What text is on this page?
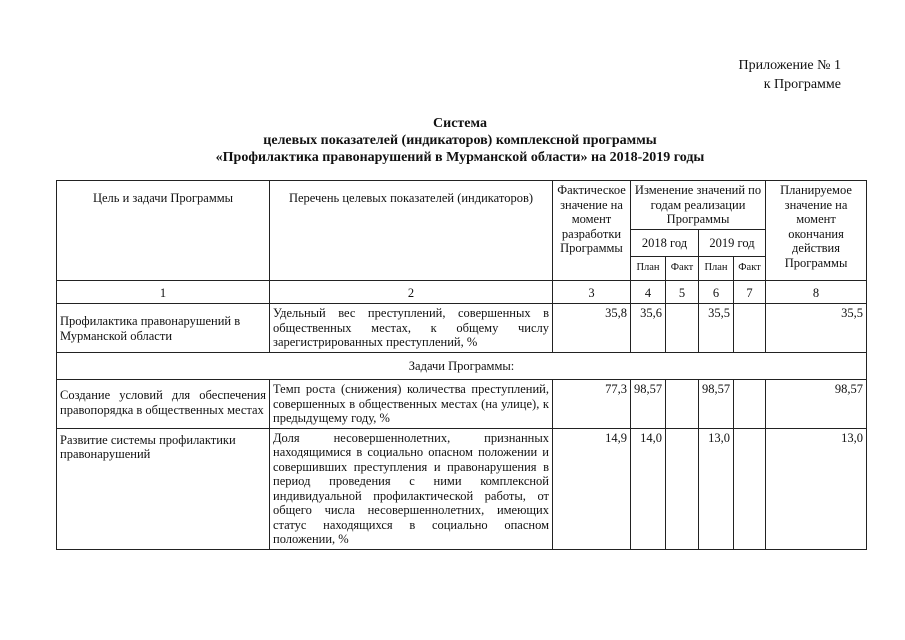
Приложение № 1
к Программе
Система
целевых показателей (индикаторов) комплексной программы
«Профилактика правонарушений в Мурманской области» на 2018-2019 годы
Цель и задачи Программы	Перечень целевых показателей (индикаторов)	Фактическое значение на момент разработки Программы	Изменение значений по годам реализации Программы				Планируемое значение на момент окончания действия Программы
			2018 год		2019 год		
			План	Факт	План	Факт	
1	2	3	4	5	6	7	8
Профилактика правонарушений в Мурманской области	Удельный вес преступлений, совершенных в общественных местах, к общему числу зарегистрированных преступлений, %	35,8	35,6		35,5		35,5
Задачи Программы:							
Создание условий для обеспечения правопорядка в общественных местах	Темп роста (снижения) количества преступлений, совершенных в общественных местах (на улице), к предыдущему году, %	77,3	98,57		98,57		98,57
Развитие системы профилактики правонарушений	Доля несовершеннолетних, признанных находящимися в социально опасном положении и совершивших преступления и правонарушения в период проведения с ними комплексной индивидуальной профилактической работы, от общего числа несовершеннолетних, имеющих статус находящихся в социально опасном положении, %	14,9	14,0		13,0		13,0
